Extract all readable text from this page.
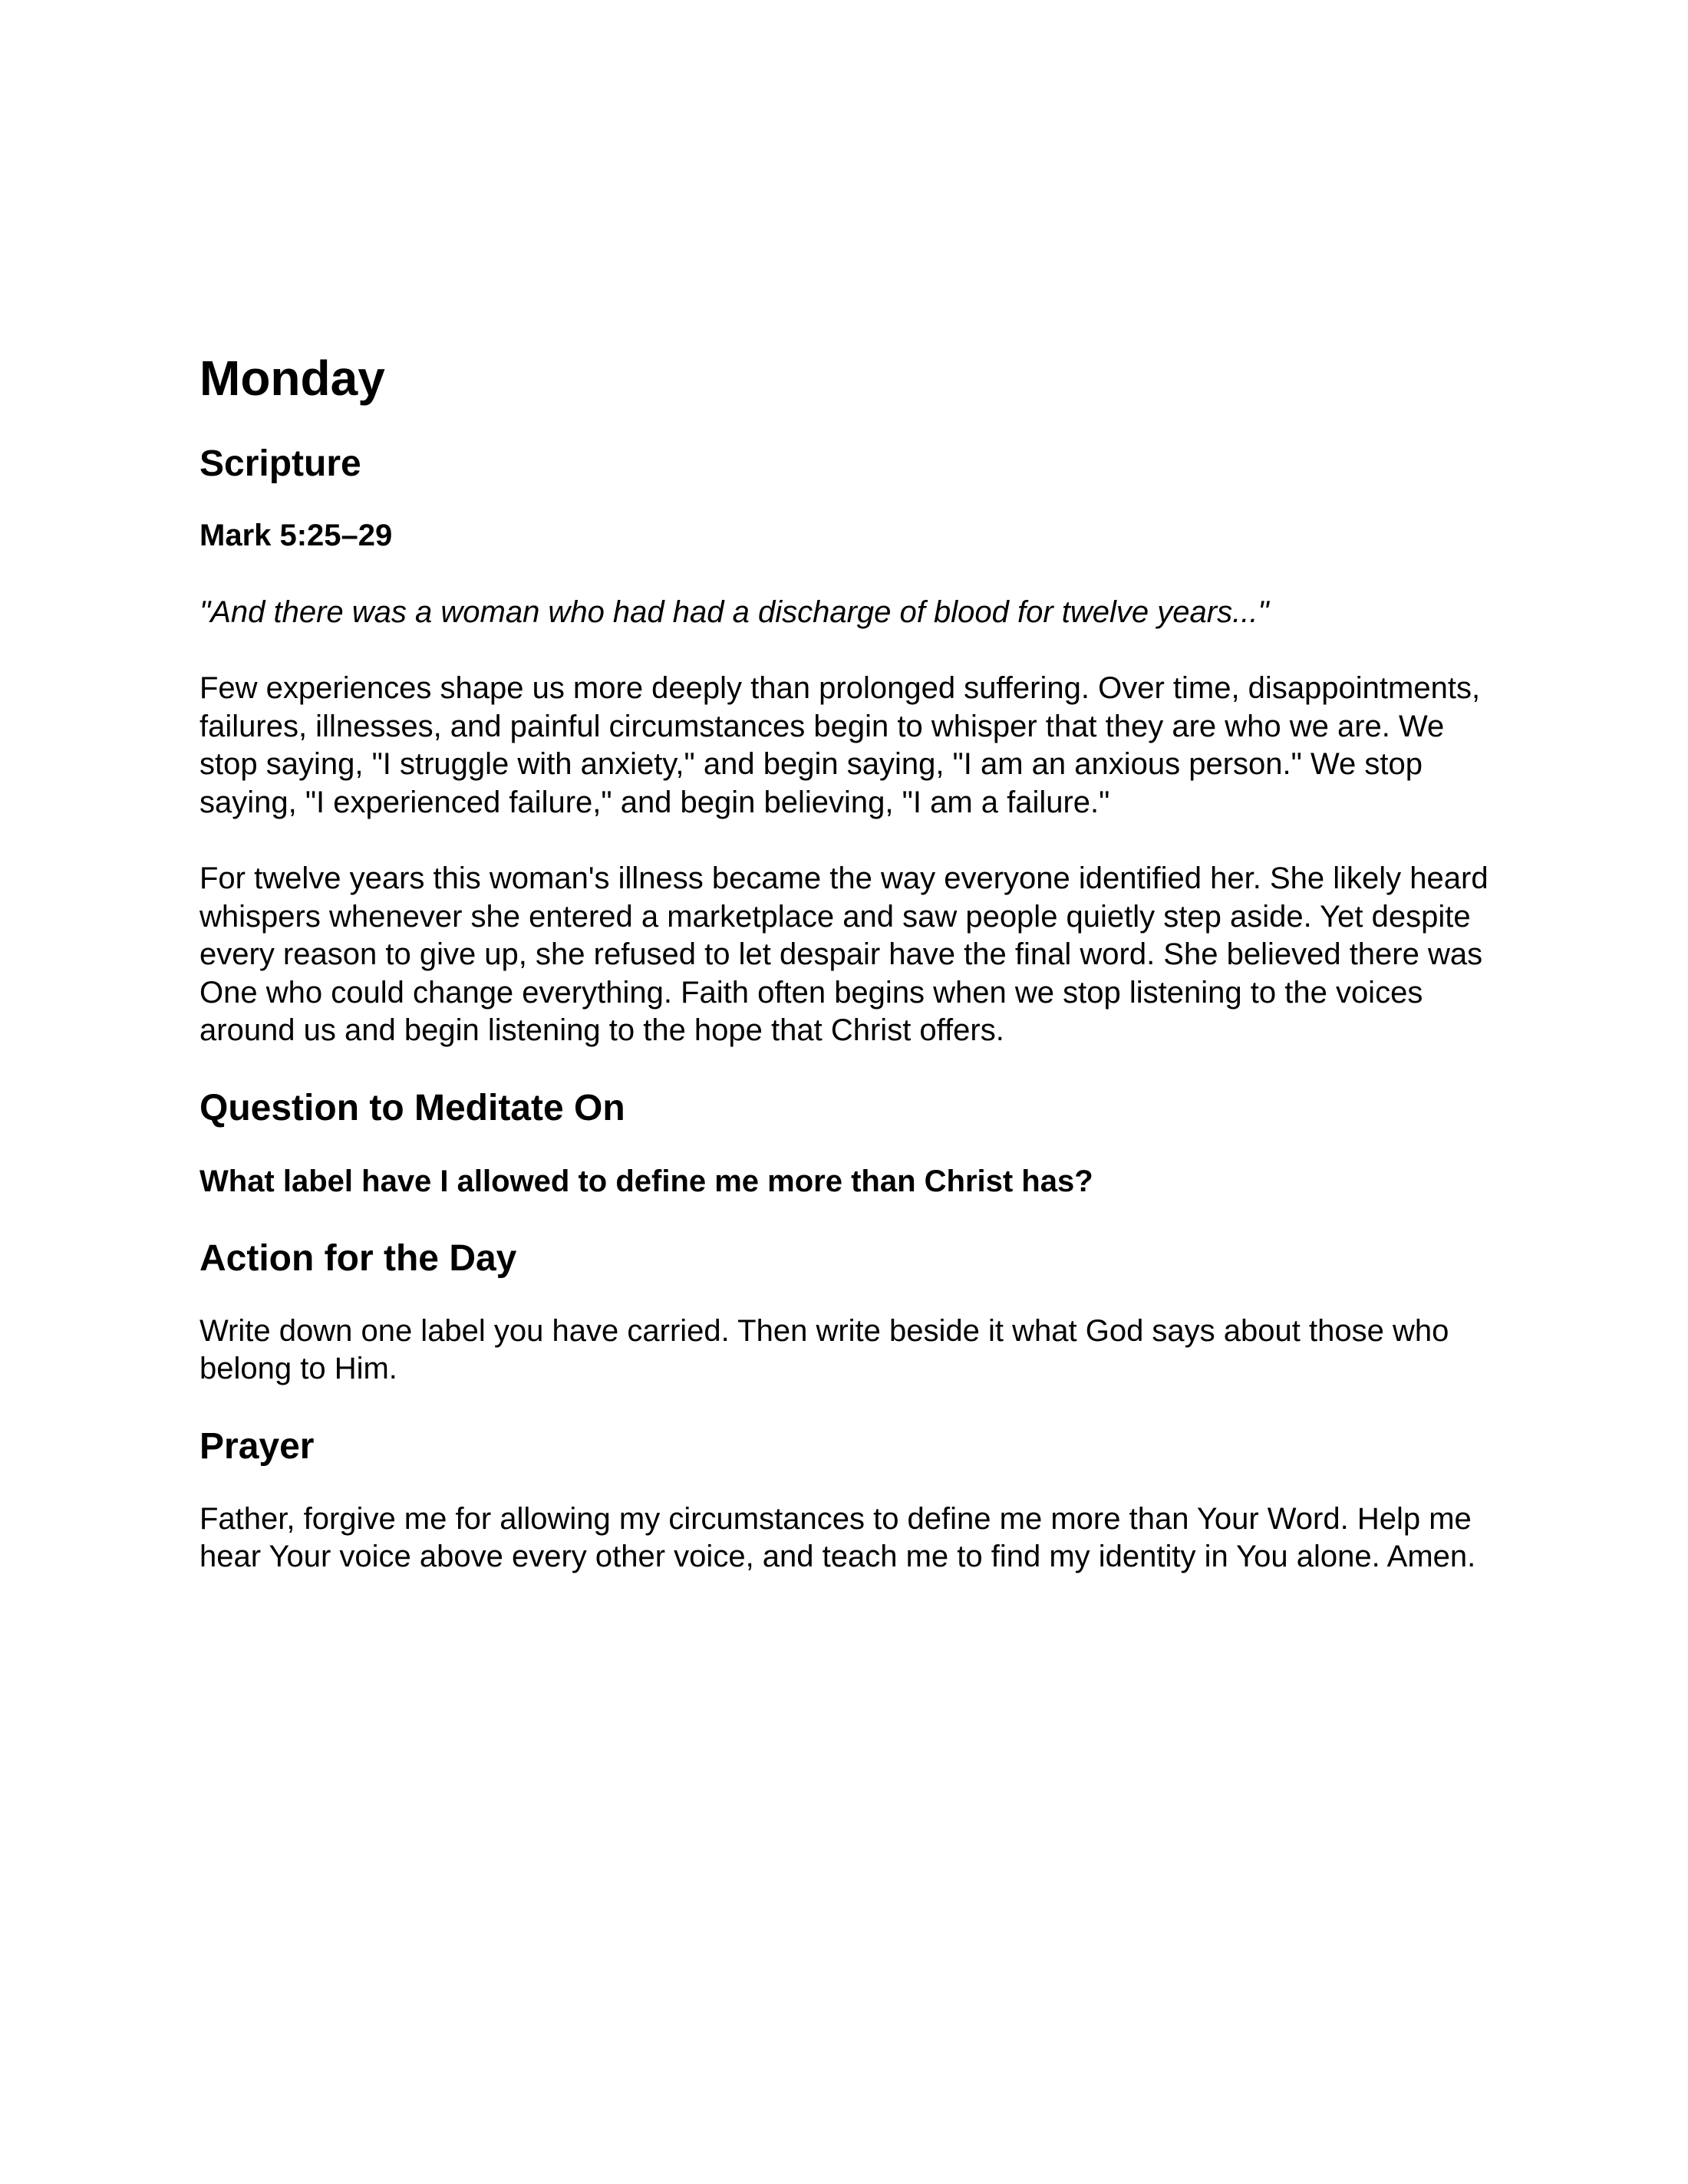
Monday
Scripture
Mark 5:25–29

"And there was a woman who had had a discharge of blood for twelve years..."

Few experiences shape us more deeply than prolonged suffering. Over time, disappointments, failures, illnesses, and painful circumstances begin to whisper that they are who we are. We stop saying, "I struggle with anxiety," and begin saying, "I am an anxious person." We stop saying, "I experienced failure," and begin believing, "I am a failure."

For twelve years this woman's illness became the way everyone identified her. She likely heard whispers whenever she entered a marketplace and saw people quietly step aside. Yet despite every reason to give up, she refused to let despair have the final word. She believed there was One who could change everything. Faith often begins when we stop listening to the voices around us and begin listening to the hope that Christ offers.

Question to Meditate On
What label have I allowed to define me more than Christ has?
Action for the Day

Write down one label you have carried. Then write beside it what God says about those who belong to Him.

Prayer

Father, forgive me for allowing my circumstances to define me more than Your Word. Help me hear Your voice above every other voice, and teach me to find my identity in You alone. Amen.
